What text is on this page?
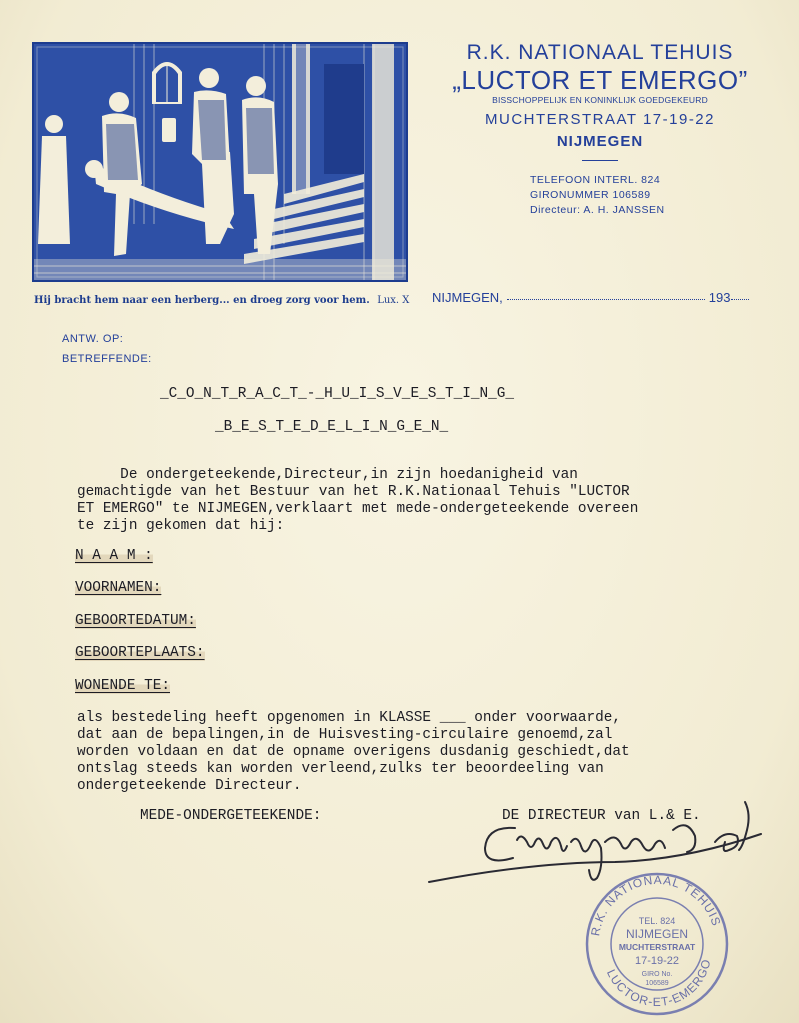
Hij bracht hem naar een herberg... en droeg zorg voor hem. Lux. X
R.K. NATIONAAL TEHUIS
„LUCTOR ET EMERGO”
BISSCHOPPELIJK EN KONINKLIJK GOEDGEKEURD
MUCHTERSTRAAT 17-19-22
NIJMEGEN
TELEFOON INTERL. 824
GIRONUMMER 106589
Directeur: A. H. JANSSEN
NIJMEGEN,	193
ANTW. OP:
BETREFFENDE:
_C_O_N_T_R_A_C_T_-_H_U_I_S_V_E_S_T_I_N_G_
_B_E_S_T_E_D_E_L_I_N_G_E_N_
De ondergeteekende,Directeur,in zijn hoedanigheid van
gemachtigde van het Bestuur van het R.K.Nationaal Tehuis "LUCTOR
ET EMERGO" te NIJMEGEN,verklaart met mede-ondergeteekende overeen
te zijn gekomen dat hij:
N A A M :
VOORNAMEN:
GEBOORTEDATUM:
GEBOORTEPLAATS:
WONENDE TE:
als bestedeling heeft opgenomen in KLASSE ___ onder voorwaarde,
dat aan de bepalingen,in de Huisvesting-circulaire genoemd,zal
worden voldaan en dat de opname overigens dusdanig geschiedt,dat
ontslag steeds kan worden verleend,zulks ter beoordeeling van
ondergeteekende Directeur.
MEDE-ONDERGETEEKENDE:	DE DIRECTEUR van L.& E.
R.K. NATIONAAL TEHUIS
LUCTOR-ET-EMERGO
TEL. 824
NIJMEGEN
MUCHTERSTRAAT
17-19-22
GIRO No.
106589
